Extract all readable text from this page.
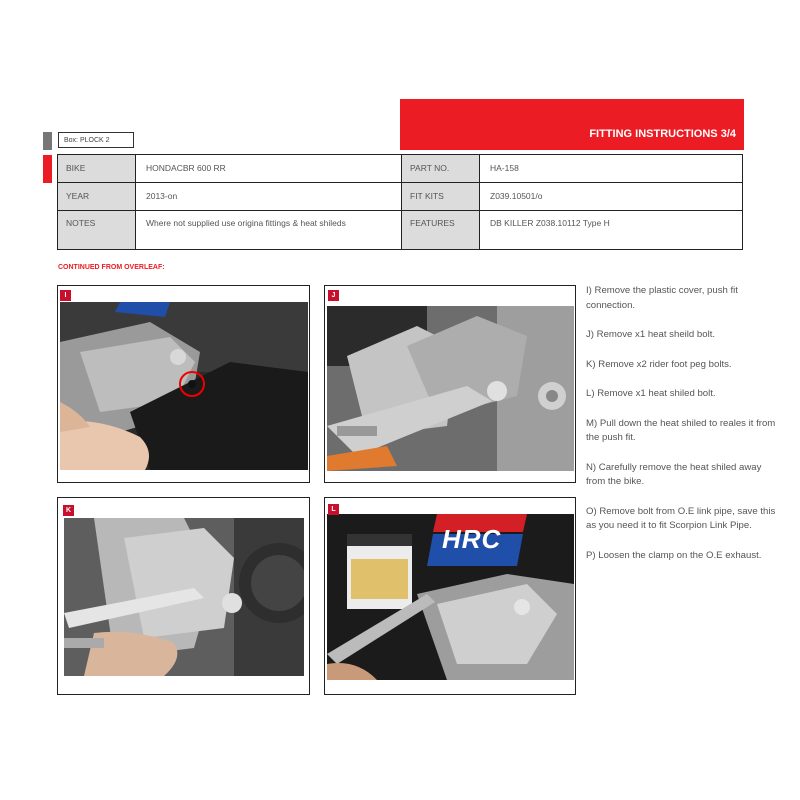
FITTING INSTRUCTIONS 3/4
Box: PLOCK 2
BIKE
YEAR
NOTES
HONDACBR 600 RR
2013-on
Where not supplied use origina fittings & heat shileds
PART NO.
FIT KITS
FEATURES
HA-158
Z039.10501/o
DB KILLER Z038.10112 Type H
CONTINUED FROM OVERLEAF:
I	J
K
HRC
L

I) Remove the plastic cover, push fit connection.

J) Remove x1 heat sheild bolt.

K) Remove x2 rider foot peg bolts.

L) Remove x1 heat shiled bolt.

M) Pull down the heat shiled to reales it from the push fit.

N) Carefully remove the heat shiled away from the bike.

O) Remove bolt from O.E link pipe, save this as you need it to fit Scorpion Link Pipe.

P) Loosen the clamp on the O.E exhaust.
